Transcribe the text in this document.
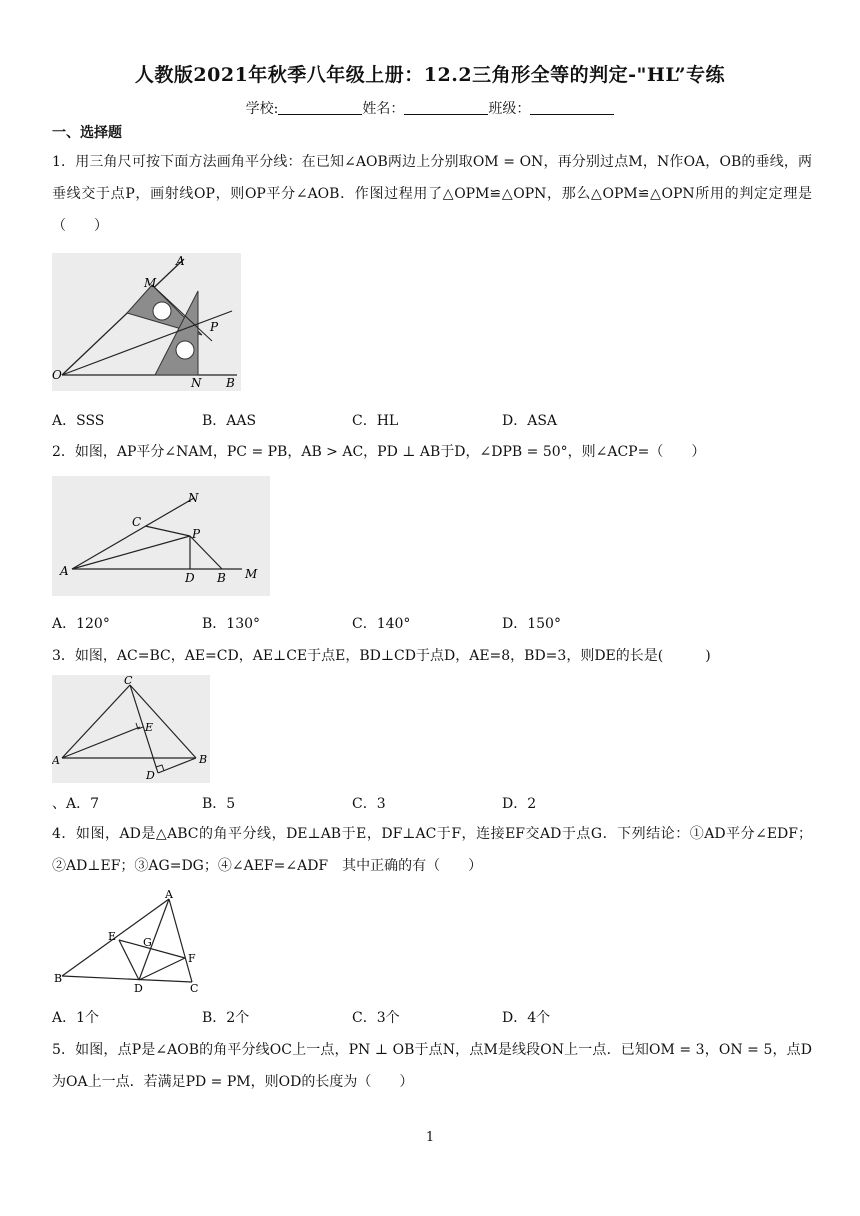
人教版2021年秋季八年级上册：12.2三角形全等的判定-"HL”专练
学校:	姓名：	班级：
一、选择题
1．用三角尺可按下面方法画角平分线：在已知∠AOB两边上分别取OM = ON，再分别过点M，N作OA，OB的垂线，两垂线交于点P，画射线OP，则OP平分∠AOB．作图过程用了△OPM≌△OPN，那么△OPM≌△OPN所用的判定定理是（　　）
A
M
P
O
N B
A．SSS	B．AAS	C．HL	D．ASA
2．如图，AP平分∠NAM，PC = PB，AB > AC，PD ⊥ AB于D，∠DPB = 50°，则∠ACP=（　　）
N
C
P
A	D B M
A．120°	B．130°	C．140°	D．150°
3．如图，AC=BC，AE=CD，AE⊥CE于点E，BD⊥CD于点D，AE=8，BD=3，则DE的长是(　　　)
C
E
A	B
D
、A．7	B．5	C．3	D．2
4．如图，AD是△ABC的角平分线，DE⊥AB于E，DF⊥AC于F，连接EF交AD于点G．下列结论：①AD平分∠EDF；②AD⊥EF；③AG=DG；④∠AEF=∠ADF　其中正确的有（　　）
A
E G
F
B
D	C
A．1个	B．2个	C．3个	D．4个
5．如图，点P是∠AOB的角平分线OC上一点，PN ⊥ OB于点N，点M是线段ON上一点．已知OM = 3，ON = 5，点D为OA上一点．若满足PD = PM，则OD的长度为（　　）
1
